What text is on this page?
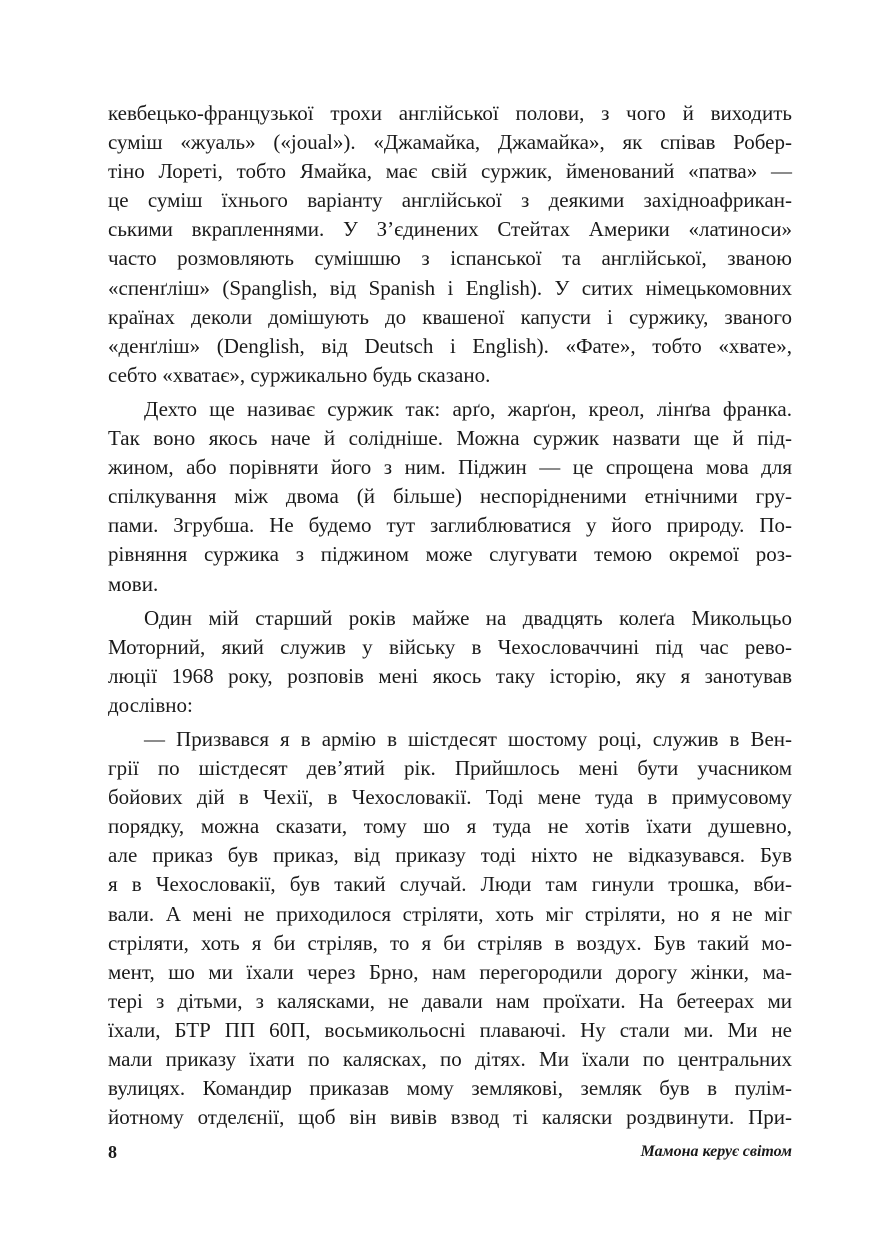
кевбецько-французької трохи англійської полови, з чого й виходить
суміш «жуаль» («joual»). «Джамайка, Джамайка», як співав Робер-
тіно Лореті, тобто Ямайка, має свій суржик, йменований «патва» —
це суміш їхнього варіанту англійської з деякими західноафрикан-
ськими вкрапленнями. У З’єдинених Стейтах Америки «латиноси»
часто розмовляють сумішшю з іспанської та англійської, званою
«спенґліш» (Spanglish, від Spanish і English). У ситих німецькомовних
країнах деколи домішують до квашеної капусти і суржику, званого
«денґліш» (Denglish, від Deutsch і English). «Фате», тобто «хвате»,
себто «хватає», суржикально будь сказано.
Дехто ще називає суржик так: арґо, жарґон, креол, лінґва франка.
Так воно якось наче й солідніше. Можна суржик назвати ще й під-
жином, або порівняти його з ним. Піджин — це спрощена мова для
спілкування між двома (й більше) неспорідненими етнічними гру-
пами. Згрубша. Не будемо тут заглиблюватися у його природу. По-
рівняння суржика з піджином може слугувати темою окремої роз-
мови.
Один мій старший років майже на двадцять колеґа Микольцьо
Моторний, який служив у війську в Чехословаччині під час рево-
люції 1968 року, розповів мені якось таку історію, яку я занотував
дослівно:
— Призвався я в армію в шістдесят шостому році, служив в Вен-
грії по шістдесят дев’ятий рік. Прийшлось мені бути учасником
бойових дій в Чехії, в Чехословакії. Тоді мене туда в примусовому
порядку, можна сказати, тому шо я туда не хотів їхати душевно,
але приказ був приказ, від приказу тоді ніхто не відказувався. Був
я в Чехословакії, був такий случай. Люди там гинули трошка, вби-
вали. А мені не приходилося стріляти, хоть міг стріляти, но я не міг
стріляти, хоть я би стріляв, то я би стріляв в воздух. Був такий мо-
мент, шо ми їхали через Брно, нам перегородили дорогу жінки, ма-
тері з дітьми, з калясками, не давали нам проїхати. На бетеерах ми
їхали, БТР ПП 60П, восьмикольосні плаваючі. Ну стали ми. Ми не
мали приказу їхати по калясках, по дітях. Ми їхали по центральних
вулицях. Командир приказав мому землякові, земляк був в пулім-
йотному отделєнії, щоб він вивів взвод ті каляски роздвинути. При-
8	Мамона керує світом
